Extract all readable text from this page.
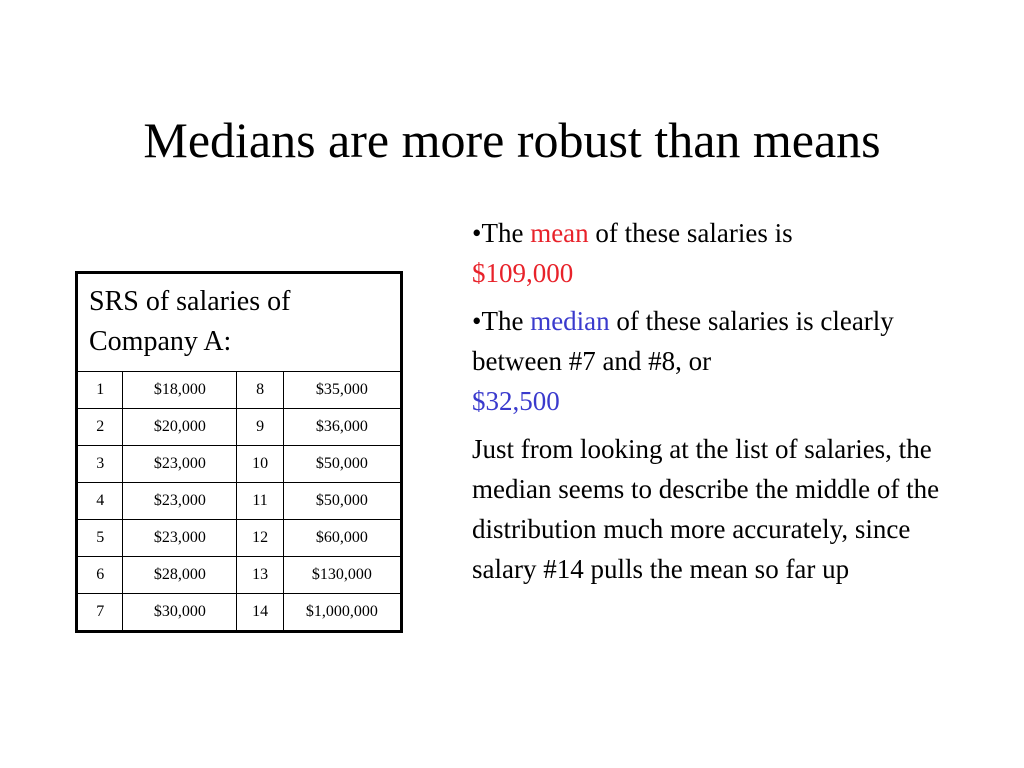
Medians are more robust than means
SRS of salaries of
Company A:			
1	$18,000	8	$35,000
2	$20,000	9	$36,000
3	$23,000	10	$50,000
4	$23,000	11	$50,000
5	$23,000	12	$60,000
6	$28,000	13	$130,000
7	$30,000	14	$1,000,000

•The mean of these salaries is
$109,000

•The median of these salaries is clearly between #7 and #8, or
$32,500

Just from looking at the list of salaries, the median seems to describe the middle of the distribution much more accurately, since salary #14 pulls the mean so far up
